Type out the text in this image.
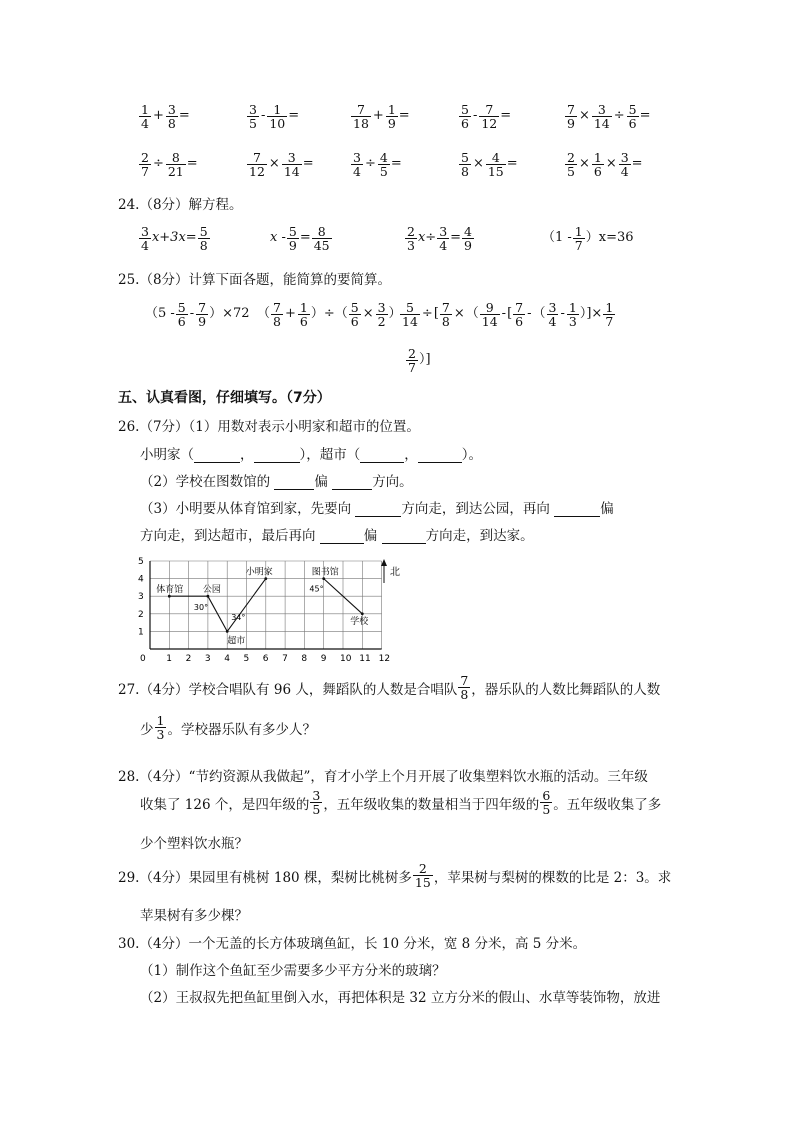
$\frac{1}{4} + \frac{3}{8}$ =	$\frac{3}{5} - \frac{1}{10}$ =	$\frac{7}{18} + \frac{1}{9}$ =	$\frac{5}{6} - \frac{7}{12}$ =	$\frac{7}{9} \times \frac{3}{14} \div \frac{5}{6}$ =
$\frac{2}{7} \div \frac{8}{21}$ =	$\frac{7}{12} \times \frac{3}{14}$ =	$\frac{3}{4} \div \frac{4}{5}$ =	$\frac{5}{8} \times \frac{4}{15}$ =	$\frac{2}{5} \times \frac{1}{6} \times \frac{3}{4}$ =
24.（8分）解方程。
$\frac{3}{4} x+3x= \frac{5}{8}$	$x - \frac{5}{9} = \frac{8}{45}$	$\frac{2}{3} x\div \frac{3}{4} = \frac{4}{9}$	$(1 - \frac{1}{7} )x=36$
25.（8分）计算下面各题，能简算的要简算。
$(5 - \frac{5}{6} - \frac{7}{9} )\times 72$ （ $\frac{7}{8} + \frac{1}{6}$ ）÷（ $\frac{5}{6} \times \frac{3}{2}$ ）
$\frac{5}{14}$ ÷ [ $\frac{7}{8}$ × （ $\frac{9}{14}$ - [ $\frac{7}{6}$ - （ $\frac{3}{4} - \frac{1}{3}$ ）]× $\frac{1}{7}$
$\frac{2}{7}$ ）]
五、认真看图，仔细填写。（7分）
26.（7分）（1）用数对表示小明家和超市的位置。
小明家（	，	），超市（	，	）。
（2）学校在图数馆的	偏	方向。
（3）小明要从体育馆到家，先要向	方向走，到达公园，再向	偏
方向走，到达超市，最后再向	偏	方向走，到达家。
0 1 2 3 4 5 6 7 8 9 10 11 12
1
2
3
4
5
体育馆 公园
超市
小明家	图书馆
学校
30°
34°
45°
北
27.（4分）学校合唱队有 96 人，舞蹈队的人数是合唱队 $\frac{7}{8}$ ，器乐队的人数比舞蹈队的人数
少 $\frac{1}{3}$ 。学校器乐队有多少人？
28.（4分）“节约资源从我做起”，育才小学上个月开展了收集塑料饮水瓶的活动。三年级
收集了 126 个，是四年级的 $\frac{3}{5}$ ，五年级收集的数量相当于四年级的 $\frac{6}{5}$ 。五年级收集了多
少个塑料饮水瓶？
29.（4分）果园里有桃树 180 棵，梨树比桃树多 $\frac{2}{15}$ ，苹果树与梨树的棵数的比是 2：3。求
苹果树有多少棵？
30.（4分）一个无盖的长方体玻璃鱼缸，长 10 分米，宽 8 分米，高 5 分米。
（1）制作这个鱼缸至少需要多少平方分米的玻璃？
（2）王叔叔先把鱼缸里倒入水，再把体积是 32 立方分米的假山、水草等装饰物，放进
